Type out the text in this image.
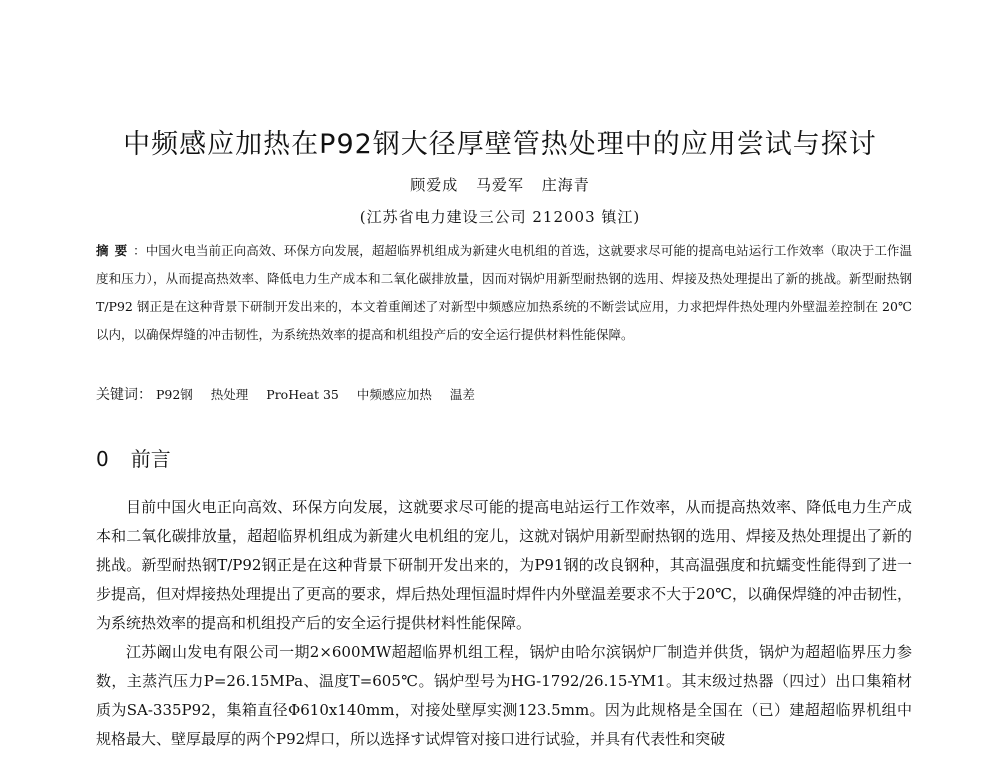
中频感应加热在P92钢大径厚壁管热处理中的应用尝试与探讨
顾爱成 马爱军 庄海青
(江苏省电力建设三公司 212003 镇江)
摘要：中国火电当前正向高效、环保方向发展，超超临界机组成为新建火电机组的首选，这就要求尽可能的提高电站运行工作效率（取决于工作温度和压力），从而提高热效率、降低电力生产成本和二氧化碳排放量，因而对锅炉用新型耐热钢的选用、焊接及热处理提出了新的挑战。新型耐热钢 T/P92 钢正是在这种背景下研制开发出来的，本文着重阐述了对新型中频感应加热系统的不断尝试应用，力求把焊件热处理内外壁温差控制在 20℃以内，以确保焊缝的冲击韧性，为系统热效率的提高和机组投产后的安全运行提供材料性能保障。
关键词： P92钢 热处理 ProHeat 35 中频感应加热 温差
0 前言

目前中国火电正向高效、环保方向发展，这就要求尽可能的提高电站运行工作效率，从而提高热效率、降低电力生产成本和二氧化碳排放量，超超临界机组成为新建火电机组的宠儿，这就对锅炉用新型耐热钢的选用、焊接及热处理提出了新的挑战。新型耐热钢T/P92钢正是在这种背景下研制开发出来的，为P91钢的改良钢种，其高温强度和抗蠕变性能得到了进一步提高，但对焊接热处理提出了更高的要求，焊后热处理恒温时焊件内外壁温差要求不大于20℃，以确保焊缝的冲击韧性，为系统热效率的提高和机组投产后的安全运行提供材料性能保障。

江苏阚山发电有限公司一期2×600MW超超临界机组工程，锅炉由哈尔滨锅炉厂制造并供货，锅炉为超超临界压力参数，主蒸汽压力P=26.15MPa、温度T=605℃。锅炉型号为HG-1792/26.15-YM1。其末级过热器（四过）出口集箱材质为SA-335P92，集箱直径Φ610x140mm，对接处壁厚实测123.5mm。因为此规格是全国在（已）建超超临界机组中规格最大、壁厚最厚的两个P92焊口，所以选择す试焊管对接口进行试验，并具有代表性和突破
